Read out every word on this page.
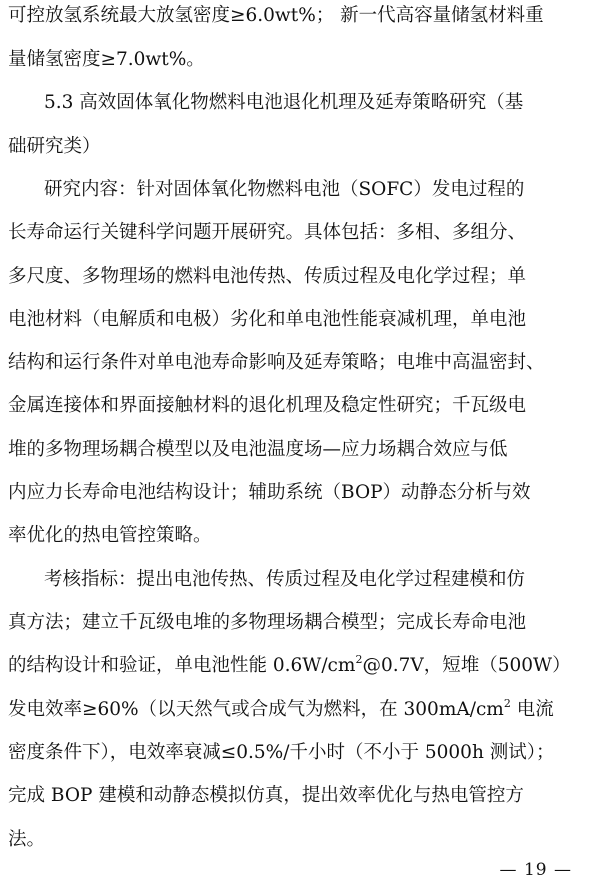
可控放氢系统最大放氢密度≥6.0wt%； 新一代高容量储氢材料重
量储氢密度≥7.0wt%。
5.3 高效固体氧化物燃料电池退化机理及延寿策略研究（基
础研究类）
研究内容：针对固体氧化物燃料电池（SOFC）发电过程的
长寿命运行关键科学问题开展研究。具体包括：多相、多组分、
多尺度、多物理场的燃料电池传热、传质过程及电化学过程；单
电池材料（电解质和电极）劣化和单电池性能衰减机理，单电池
结构和运行条件对单电池寿命影响及延寿策略；电堆中高温密封、
金属连接体和界面接触材料的退化机理及稳定性研究；千瓦级电
堆的多物理场耦合模型以及电池温度场—应力场耦合效应与低
内应力长寿命电池结构设计；辅助系统（BOP）动静态分析与效
率优化的热电管控策略。
考核指标：提出电池传热、传质过程及电化学过程建模和仿
真方法；建立千瓦级电堆的多物理场耦合模型；完成长寿命电池
的结构设计和验证，单电池性能 $0.6W/cm^2@0.7V$，短堆（500W）
发电效率≥60%（以天然气或合成气为燃料，在 $300mA/cm^2$ 电流
密度条件下），电效率衰减≤0.5%/千小时（不小于 5000h 测试）；
完成 BOP 建模和动静态模拟仿真，提出效率优化与热电管控方
法。
— 19 —
